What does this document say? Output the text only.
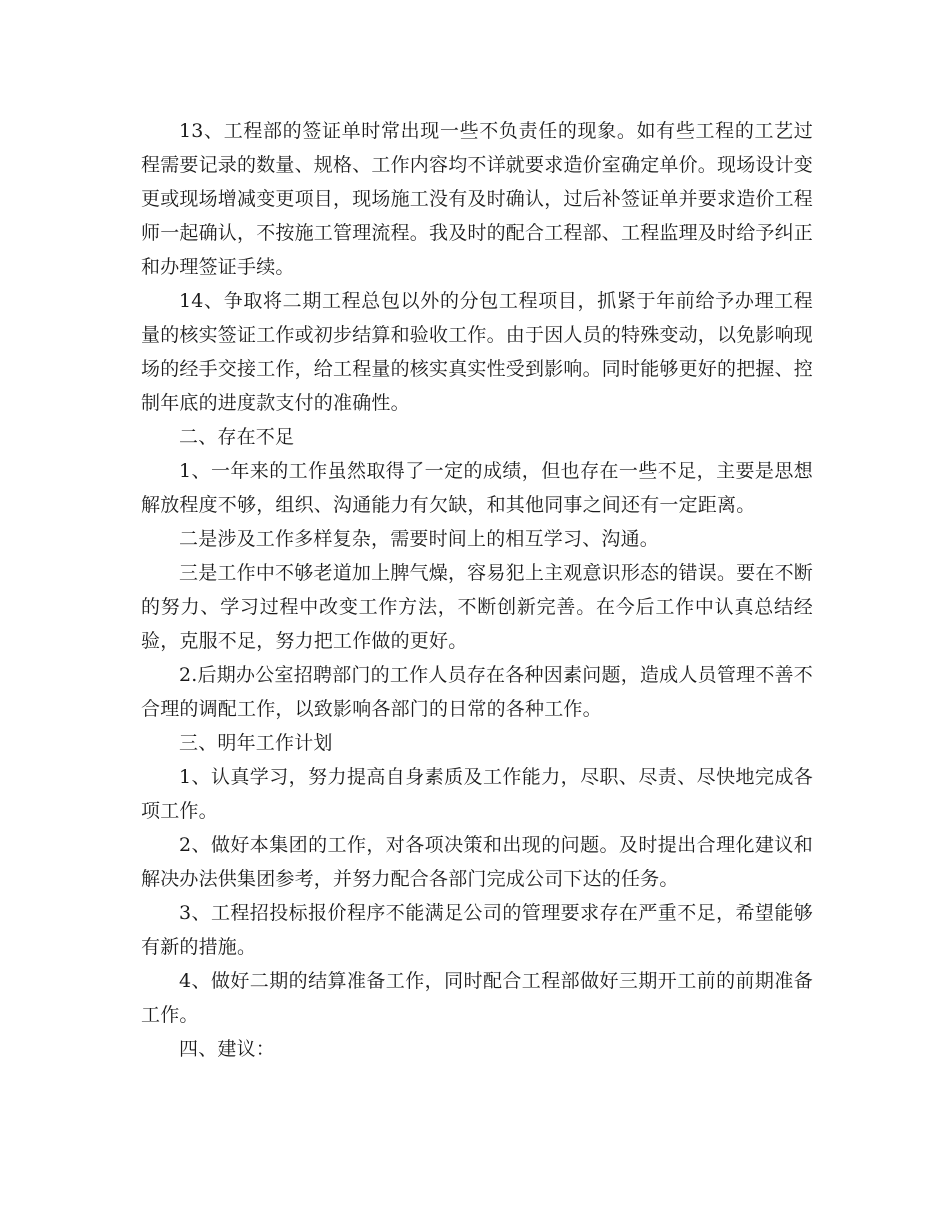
13、工程部的签证单时常出现一些不负责任的现象。如有些工程的工艺过程需要记录的数量、规格、工作内容均不详就要求造价室确定单价。现场设计变更或现场增减变更项目，现场施工没有及时确认，过后补签证单并要求造价工程师一起确认，不按施工管理流程。我及时的配合工程部、工程监理及时给予纠正和办理签证手续。

14、争取将二期工程总包以外的分包工程项目，抓紧于年前给予办理工程量的核实签证工作或初步结算和验收工作。由于因人员的特殊变动，以免影响现场的经手交接工作，给工程量的核实真实性受到影响。同时能够更好的把握、控制年底的进度款支付的准确性。

二、存在不足

1、一年来的工作虽然取得了一定的成绩，但也存在一些不足，主要是思想解放程度不够，组织、沟通能力有欠缺，和其他同事之间还有一定距离。

二是涉及工作多样复杂，需要时间上的相互学习、沟通。

三是工作中不够老道加上脾气燥，容易犯上主观意识形态的错误。要在不断的努力、学习过程中改变工作方法，不断创新完善。在今后工作中认真总结经验，克服不足，努力把工作做的更好。

2.后期办公室招聘部门的工作人员存在各种因素问题，造成人员管理不善不合理的调配工作，以致影响各部门的日常的各种工作。

三、明年工作计划

1、认真学习，努力提高自身素质及工作能力，尽职、尽责、尽快地完成各项工作。

2、做好本集团的工作，对各项决策和出现的问题。及时提出合理化建议和解决办法供集团参考，并努力配合各部门完成公司下达的任务。

3、工程招投标报价程序不能满足公司的管理要求存在严重不足，希望能够有新的措施。

4、做好二期的结算准备工作，同时配合工程部做好三期开工前的前期准备工作。

四、建议：
